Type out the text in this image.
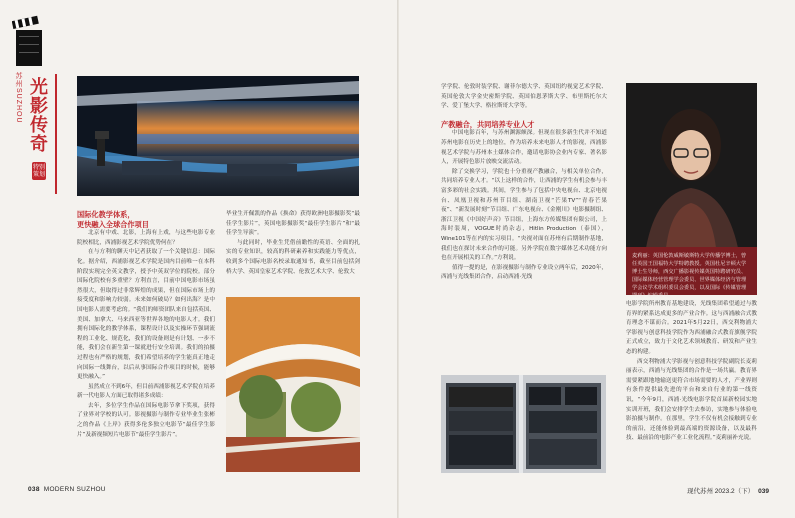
苏州
SUZHOU
光影传奇
特别策划
国际化教学体系，
更快融入全球合作项目

北京有中戏、北影，上海有上戏，与这些电影专业院校相比，西浦影视艺术学院优势何在？

在与方利的聊天中记者获取了一个关键信息：国际化。据介绍，西浦影视艺术学院是国内目前唯一在本科阶段实现完全英文教学，授予中英双学位的院校。部分国际化院校有多重壁？方利直言，目前中国电影市场虽然很大，但取得过非常辉煌的成果，但在国际市场上的接受度和影响力较弱。未来如何破局？如何出海？是中国电影人需要考虑的。“我们的师资团队来自包括英国、美国、加拿大、马来西亚等世界各地的电影人才。我们拥有国际化的教学体系，课程设计以及实操环节强调流程的工业化、规范化，我们的设备则是有计划、一步不能，我们会在新生第一课就进行安全培训。我们的拍摄过程也有严格的规划，我们希望培养的学生能真正地走向国际一线舞台，以后从事国际合作项目的时候，能够更快融入。”

虽然成立不到6年，但目前西浦影视艺术学院在培养新一代电影人方面已取得诸多成绩：

去年，多位学生作品在国际电影节拿下奖项，获得了业界对学校的认可。影视摄影与制作专业毕业生张彬之的作品《上岸》获得多伦多独立电影节“最佳学生影片”及新视频短片电影节“最佳学生影片”。

毕业生开佩凯的作品《换命》获得欧洲电影摄影奖“最佳学生影片”，英国电影摄影奖“最佳学生影片”和“最佳学生导演”。

与此同时，毕业生凭借前瞻性的英语、全面的扎实的专业知识，较高的科研素养和实践能力等优点，收到多个国际电影名校录取通知书，截至目前包括剑桥大学、英国皇家艺术学院、伦敦艺术大学、伦敦大

学学院、伦敦时装学院、谢菲尔德大学、英国纽约视觉艺术学院、英国伦敦大学金史密斯学院、英国伯恩茅斯大学、布里斯托尔大学、爱丁堡大学、格拉斯哥大学等。

产教融合，共同培养专业人才

中国电影百年，与苏州渊源颇深。但现在很多新生代并不知道苏州电影在历史上的地位，作为培养未来电影人才的影视，西浦影视艺术学院与苏州本土媒体合作，邀请电影协会业内专家、著名影人，开展特色影片放映交流活动。

除了交换学习，学院也十分重视产教融合，与相关单位合作，共同培养专业人才。“以上这样的合作，让西浦的学生有机会参与丰富多彩的社会实践。其间，学生参与了包括中央电视台、北京电视台、凤凰卫视和苏州节目组、湖南卫视“芒果TV”“青春芒果夜”、“新发展时刻”节目组、广东电视台、《金刚川》电影摄制组、浙江卫视《中国好声音》节目组，上海东方传媒集团有限公司，上海时装周，VOGUE时尚杂志，Hitlin Production（泰国），Wine101等在内的实习项目。“央视对面在苏州有后期制作基地，我们也在探讨未来合作的可能。另外学院在数字媒体艺术功能方向也在开展相关的工作。”方利说。

值得一提的是，在影视摄影与制作专业设立两年后，2020年，西浦与光线集团合作，启动西浦·光线

麦莉丽：英国伦敦威斯敏斯特大学传播学博士，曾任英国王国福特大学特聘教授。英国杜尼辛顿大学博士生导师，西交广播影视传媒英国特聘研究员、国际媒体经营管理学会委员、世界媒体经济与管理学会议学术组织委员会委员，以及国际《传媒管理期刊》编辑委员。

电影学院所州教育基地建设，光线集团希望通过与教育界的紧系达成更多的产业合作。这与西浦融合式教育理念不谋而合。2021年5月22日，西交利物浦大学影视与创意科技学院作为西浦融合式教育旗舰学院正式成立，致力于文化艺术领域教育、研发和产业生态的构建。

西交利物浦大学影视与创意科技学院副院长麦莉丽表示，西浦与光线集团的合作是一场共赢。教育界需要紧跟地地输送更符合市场需要的人才，产业界则有条件提供最先进的平台和来自行业的第一线资讯，“今年9月，西浦·光线电影学院首届新校园实地实训开班，我们会安排学生去参访，实地参与体验电影拍摄与制作。在那里，学生不仅有机会接触到专业的前沿，还能体验到最高端的资源设备，以及最科技、最前沿的电影产业工业化流程。”麦莉丽补充说。

038 MODERN SUZHOU	现代苏州 2023.2（下） 039
